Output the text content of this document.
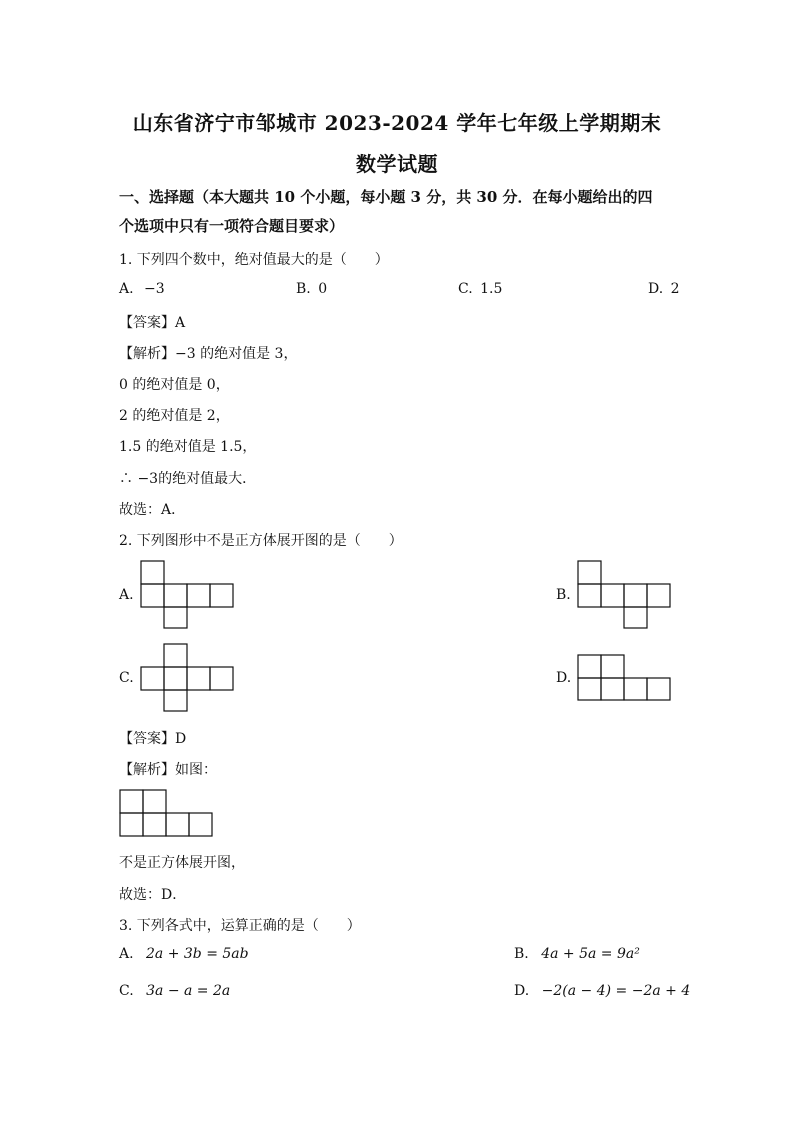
山东省济宁市邹城市 2023-2024 学年七年级上学期期末
数学试题
一、选择题（本大题共 10 个小题，每小题 3 分，共 30 分．在每小题给出的四
个选项中只有一项符合题目要求）
1. 下列四个数中，绝对值最大的是（　　）
A. −3	B. 0	C. 1.5	D. 2
【答案】A
【解析】−3 的绝对值是 3，
0 的绝对值是 0，
2 的绝对值是 2，
1.5 的绝对值是 1.5，
∴ −3的绝对值最大．
故选：A．
2. 下列图形中不是正方体展开图的是（　　）
A.	B.
C.	D.
【答案】D
【解析】如图：
不是正方体展开图，
故选：D．
3. 下列各式中，运算正确的是（　　）
A. 2a + 3b = 5ab	B. 4a + 5a = 9a²
C. 3a − a = 2a	D. −2(a − 4) = −2a + 4
